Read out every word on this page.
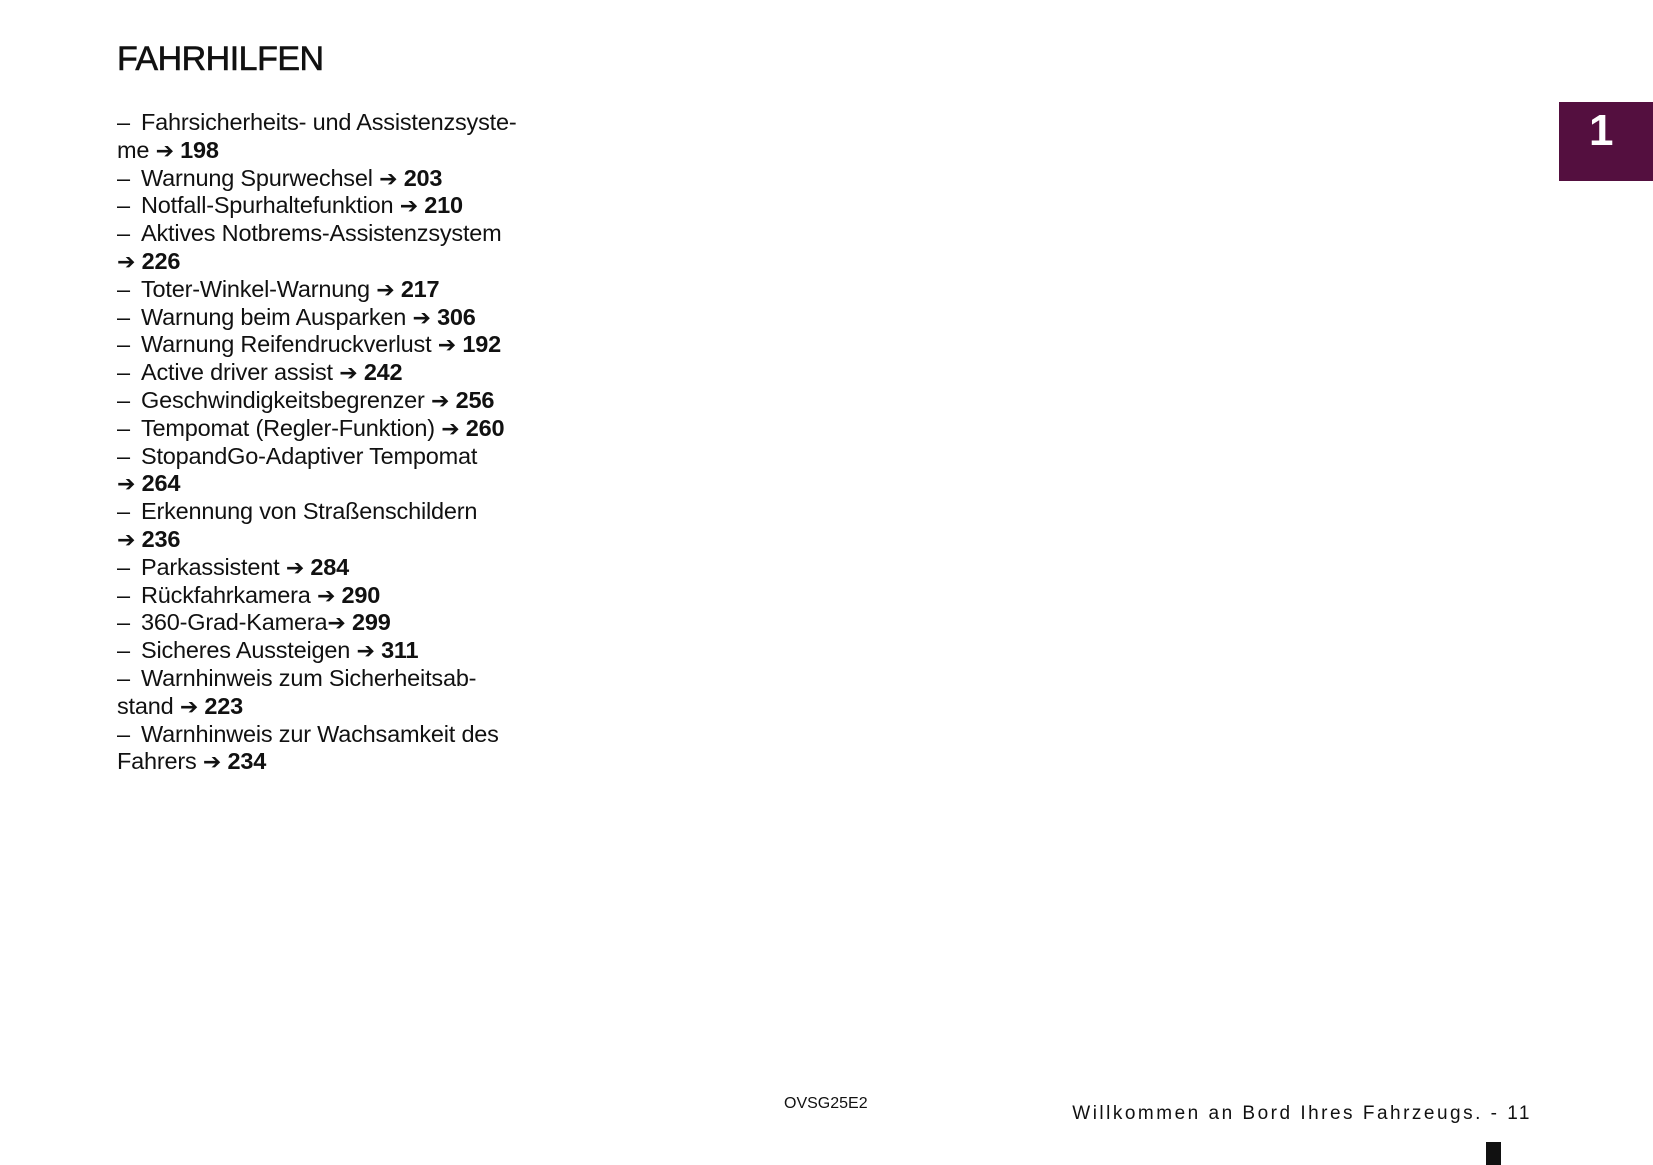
FAHRHILFEN
– Fahrsicherheits- und Assistenzsyste-
me ➔ 198
– Warnung Spurwechsel ➔ 203
– Notfall-Spurhaltefunktion ➔ 210
– Aktives Notbrems-Assistenzsystem
➔ 226
– Toter-Winkel-Warnung ➔ 217
– Warnung beim Ausparken ➔ 306
– Warnung Reifendruckverlust ➔ 192
– Active driver assist ➔ 242
– Geschwindigkeitsbegrenzer ➔ 256
– Tempomat (Regler-Funktion) ➔ 260
– StopandGo-Adaptiver Tempomat
➔ 264
– Erkennung von Straßenschildern
➔ 236
– Parkassistent ➔ 284
– Rückfahrkamera ➔ 290
– 360-Grad-Kamera➔ 299
– Sicheres Aussteigen ➔ 311
– Warnhinweis zum Sicherheitsab-
stand ➔ 223
– Warnhinweis zur Wachsamkeit des
Fahrers ➔ 234
1
OVSG25E2	Willkommen an Bord Ihres Fahrzeugs. - 11
